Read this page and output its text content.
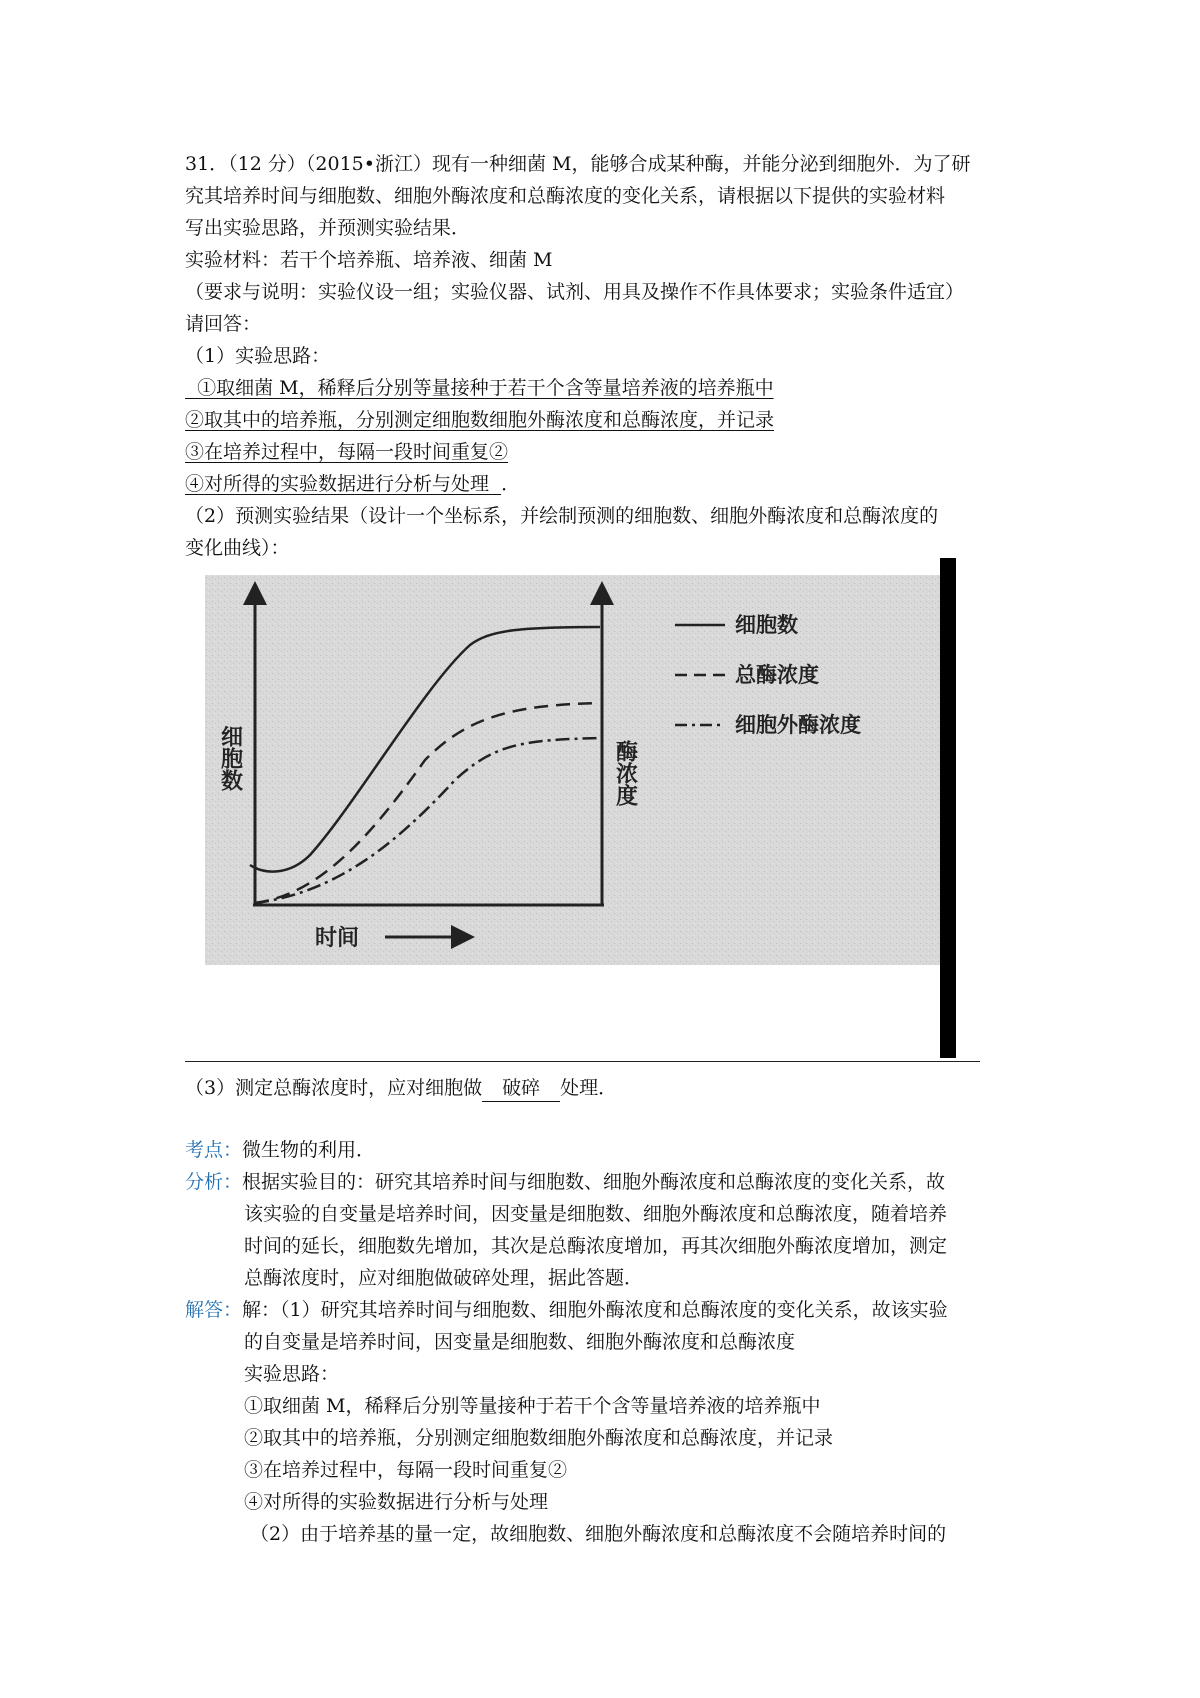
31．（12 分）（2015•浙江）现有一种细菌 M，能够合成某种酶，并能分泌到细胞外．为了研
究其培养时间与细胞数、细胞外酶浓度和总酶浓度的变化关系，请根据以下提供的实验材料
写出实验思路，并预测实验结果．
实验材料：若干个培养瓶、培养液、细菌 M
（要求与说明：实验仪设一组；实验仪器、试剂、用具及操作不作具体要求；实验条件适宜）
请回答：
（1）实验思路：
①取细菌 M，稀释后分别等量接种于若干个含等量培养液的培养瓶中
②取其中的培养瓶，分别测定细胞数细胞外酶浓度和总酶浓度，并记录
③在培养过程中，每隔一段时间重复②
④对所得的实验数据进行分析与处理  ．
（2）预测实验结果（设计一个坐标系，并绘制预测的细胞数、细胞外酶浓度和总酶浓度的
变化曲线）：
细胞数	酶浓度
时间
细胞数
总酶浓度
细胞外酶浓度
（3）测定总酶浓度时，应对细胞做 破碎 处理．
考点：微生物的利用．
分析：根据实验目的：研究其培养时间与细胞数、细胞外酶浓度和总酶浓度的变化关系，故
该实验的自变量是培养时间，因变量是细胞数、细胞外酶浓度和总酶浓度，随着培养
时间的延长，细胞数先增加，其次是总酶浓度增加，再其次细胞外酶浓度增加，测定
总酶浓度时，应对细胞做破碎处理，据此答题．
解答：解：（1）研究其培养时间与细胞数、细胞外酶浓度和总酶浓度的变化关系，故该实验
的自变量是培养时间，因变量是细胞数、细胞外酶浓度和总酶浓度
实验思路：
①取细菌 M，稀释后分别等量接种于若干个含等量培养液的培养瓶中
②取其中的培养瓶，分别测定细胞数细胞外酶浓度和总酶浓度，并记录
③在培养过程中，每隔一段时间重复②
④对所得的实验数据进行分析与处理
（2）由于培养基的量一定，故细胞数、细胞外酶浓度和总酶浓度不会随培养时间的
